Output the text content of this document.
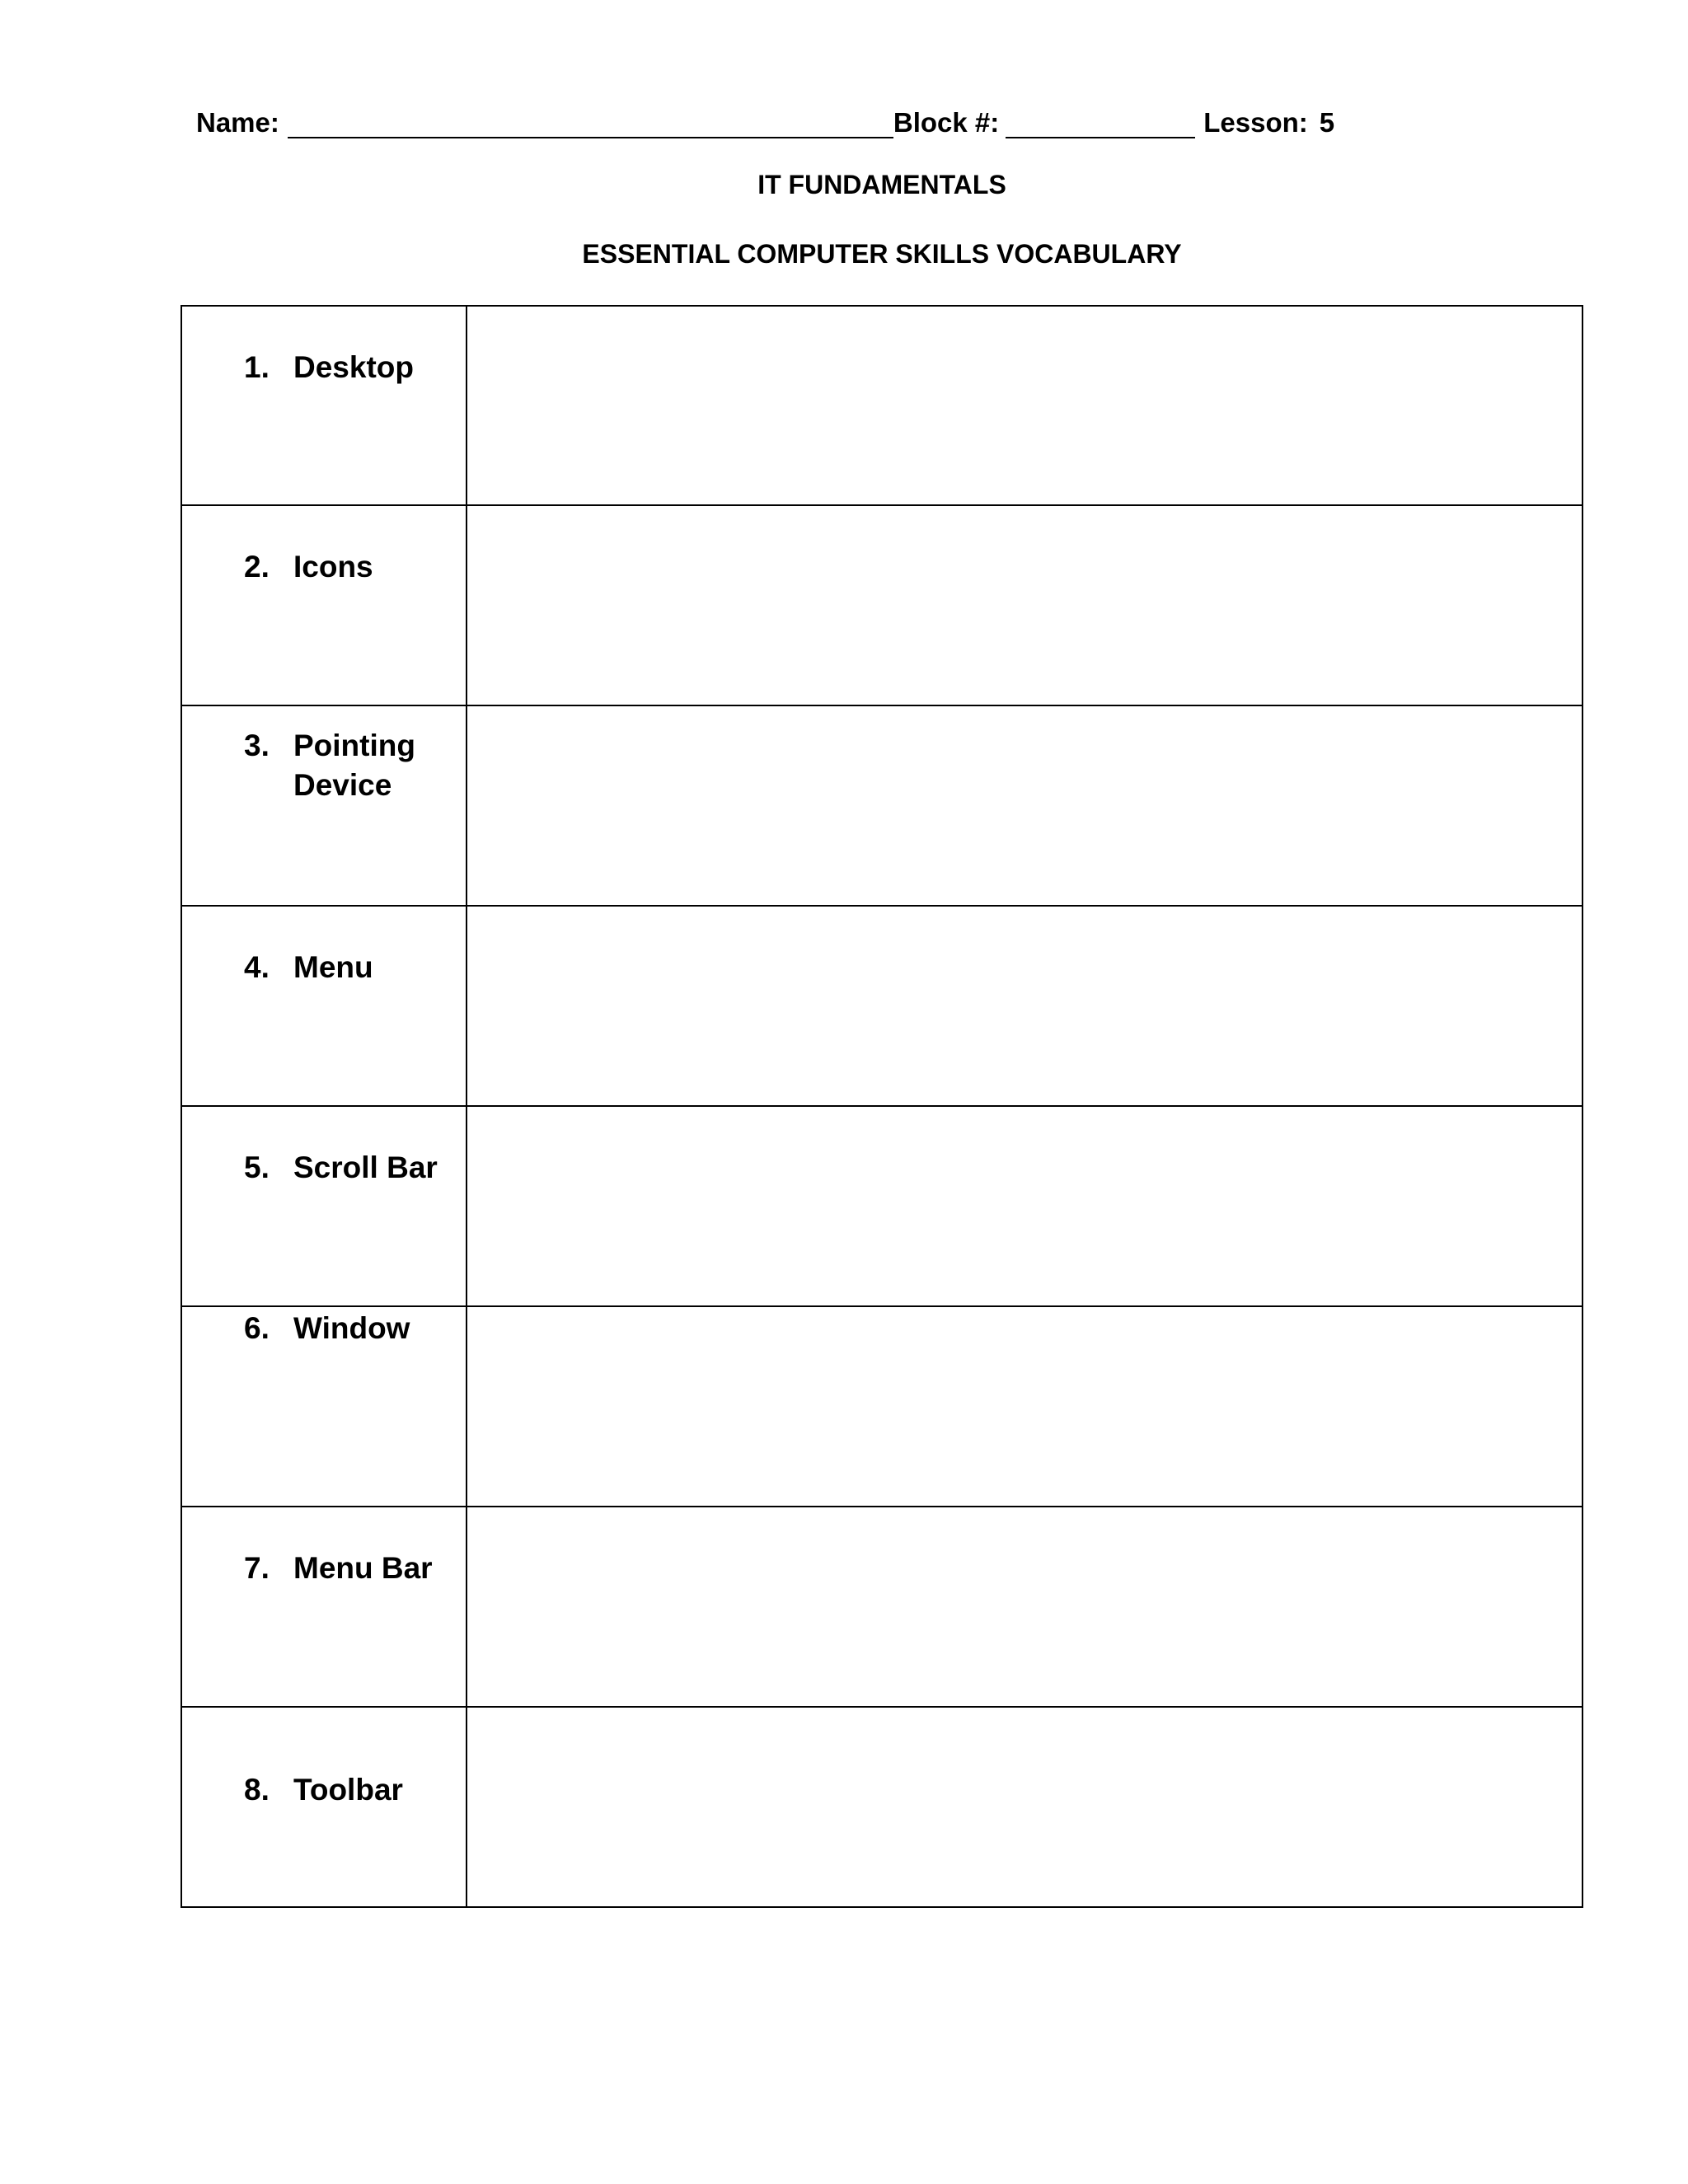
Name:	Block #:	Lesson: 5
IT FUNDAMENTALS
ESSENTIAL COMPUTER SKILLS VOCABULARY
1. Desktop	

2. Icons	

3. Pointing Device	

4. Menu	

5. Scroll Bar	

6. Window	

7. Menu Bar	

8. Toolbar	
